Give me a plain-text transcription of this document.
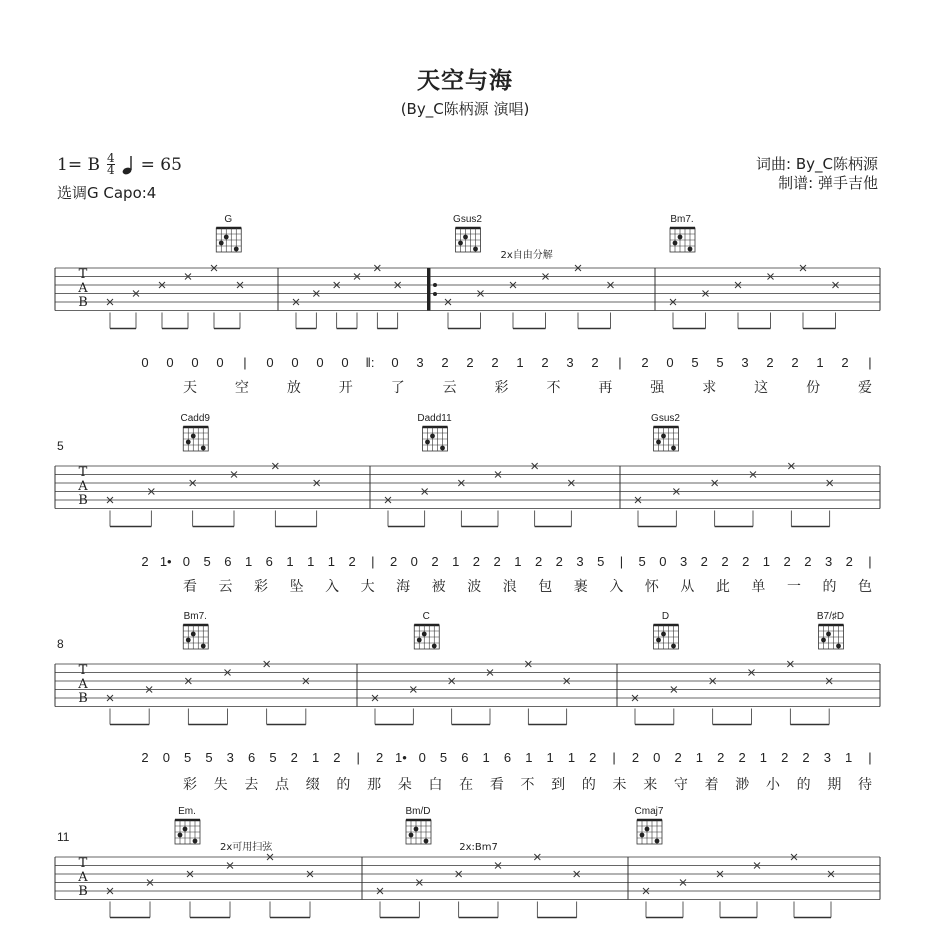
天空与海
(By_C陈柄源 演唱)
1= B $\frac{4}{4} = 65$
选调G Capo:4
词曲: By_C陈柄源
制谱: 弹手吉他
T
A
B
G	Gsus2	Bm7.
2x自由分解
0 0 0 0 | 0 0 0 0 ‖: 0 3 2 2 2 1 2 3 2 | 2 0 5 5 3 2 2 1 2 |
天	空	放	开	了	云	彩	不	再	强	求	这	份	爱
5
T
A
B
Cadd9	Dadd11	Gsus2
2 1• 0 5 6 1 6 1 1 1 2 | 2 0 2 1 2 2 1 2 2 3 5 | 5 0 3 2 2 2 1 2 2 3 2 |
看 云 彩 坠 入 大 海 被 波 浪 包 裹 入 怀 从 此 单 一 的 色
8
T
A
B
Bm7.	C	D	B7/♯D
2 0 5 5 3 6 5 2 1 2 | 2 1• 0 5 6 1 6 1 1 1 2 | 2 0 2 1 2 2 1 2 2 3 1 |
彩 失 去 点 缀 的 那 朵 白 在 看 不 到 的 未 来 守 着 渺 小 的 期 待
11
T
A
B
Em.	Bm/D	Cmaj7
2x可用扫弦	2x:Bm7
